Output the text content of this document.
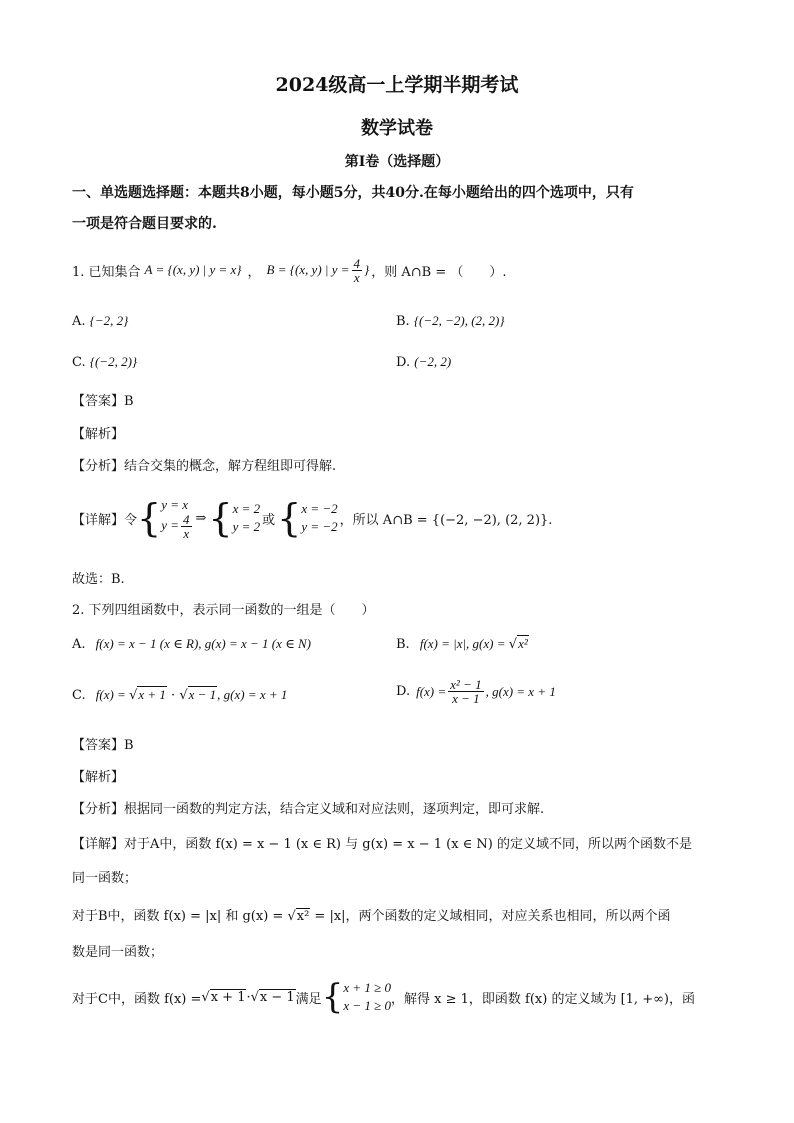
2024级高一上学期半期考试
数学试卷
第I卷（选择题）
一、单选题选择题：本题共8小题，每小题5分，共40分.在每小题给出的四个选项中，只有
一项是符合题目要求的.
1. 已知集合 A = {(x, y) | y = x} ， B = {(x, y) | $y = \frac{4}{x}$ } ，则 A∩B = （　　）.
A. {−2, 2}	B. {(−2, −2), (2, 2)}
C. {(−2, 2)}	D. (−2, 2)
【答案】B
【解析】
【分析】结合交集的概念，解方程组即可得解.
【详解】令 { y = x
$y = \frac{4}{x}$ ⇒ { x = 2
y = 2 或 { x = −2
y = −2 ，所以 A∩B = {(−2, −2), (2, 2)}.
故选：B.
2. 下列四组函数中，表示同一函数的一组是（　　）
A. f(x) = x − 1 (x ∈ R), g(x) = x − 1 (x ∈ N)	B. f(x) = |x|, g(x) = √x²
C. f(x) = √x + 1 · √x − 1, g(x) = x + 1	D. $f(x) = \frac{\text{x² − 1}}{x - 1}$ , g(x) = x + 1
【答案】B
【解析】
【分析】根据同一函数的判定方法，结合定义域和对应法则，逐项判定，即可求解.
【详解】对于A中，函数 f(x) = x − 1 (x ∈ R) 与 g(x) = x − 1 (x ∈ N) 的定义域不同，所以两个函数不是
同一函数；
对于B中，函数 f(x) = |x| 和 g(x) = √x² = |x|，两个函数的定义域相同，对应关系也相同，所以两个函
数是同一函数；
对于C中，函数 f(x) = √ x + 1 · √ x − 1 满足 { x + 1 ≥ 0
x − 1 ≥ 0 ，解得 x ≥ 1，即函数 f(x) 的定义域为 [1, +∞)，函
